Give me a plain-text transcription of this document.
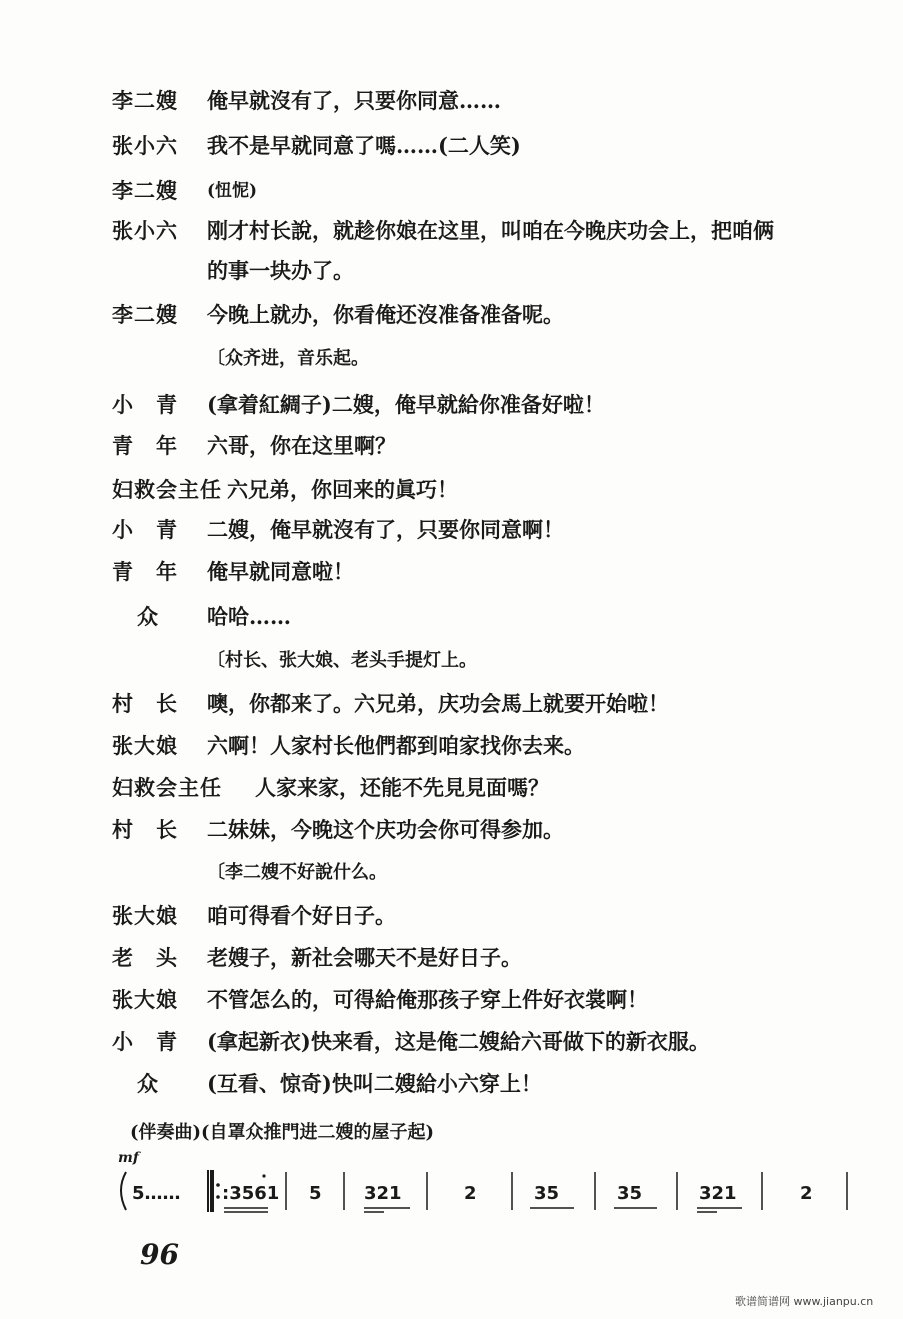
李二嫂 俺早就沒有了，只要你同意……
张小六 我不是早就同意了嗎……(二人笑)
李二嫂 (忸怩)
张小六 刚才村长說，就趁你娘在这里，叫咱在今晚庆功会上，把咱俩
的事一块办了。
李二嫂 今晚上就办，你看俺还沒准备准备呢。
〔众齐进，音乐起。
小　青 (拿着紅綢子)二嫂，俺早就給你准备好啦！
青　年 六哥，你在这里啊？
妇救会主任 六兄弟，你回来的眞巧！
小　青 二嫂，俺早就沒有了，只要你同意啊！
青　年 俺早就同意啦！
众 哈哈……
〔村长、张大娘、老头手提灯上。
村　长 噢，你都来了。六兄弟，庆功会馬上就要开始啦！
张大娘 六啊！人家村长他們都到咱家找你去来。
妇救会主任 人家来家，还能不先見見面嗎？
村　长 二妹妹，今晚这个庆功会你可得参加。
〔李二嫂不好說什么。
张大娘 咱可得看个好日子。
老　头 老嫂子，新社会哪天不是好日子。
张大娘 不管怎么的，可得給俺那孩子穿上件好衣裳啊！
小　青 (拿起新衣)快来看，这是俺二嫂給六哥做下的新衣服。
众 (互看、惊奇)快叫二嫂給小六穿上！
(伴奏曲)(自罩众推門进二嫂的屋子起)
mf
5…… :3561 5 321	2	35	35	321	2
96
歌谱简谱网 www.jianpu.cn
